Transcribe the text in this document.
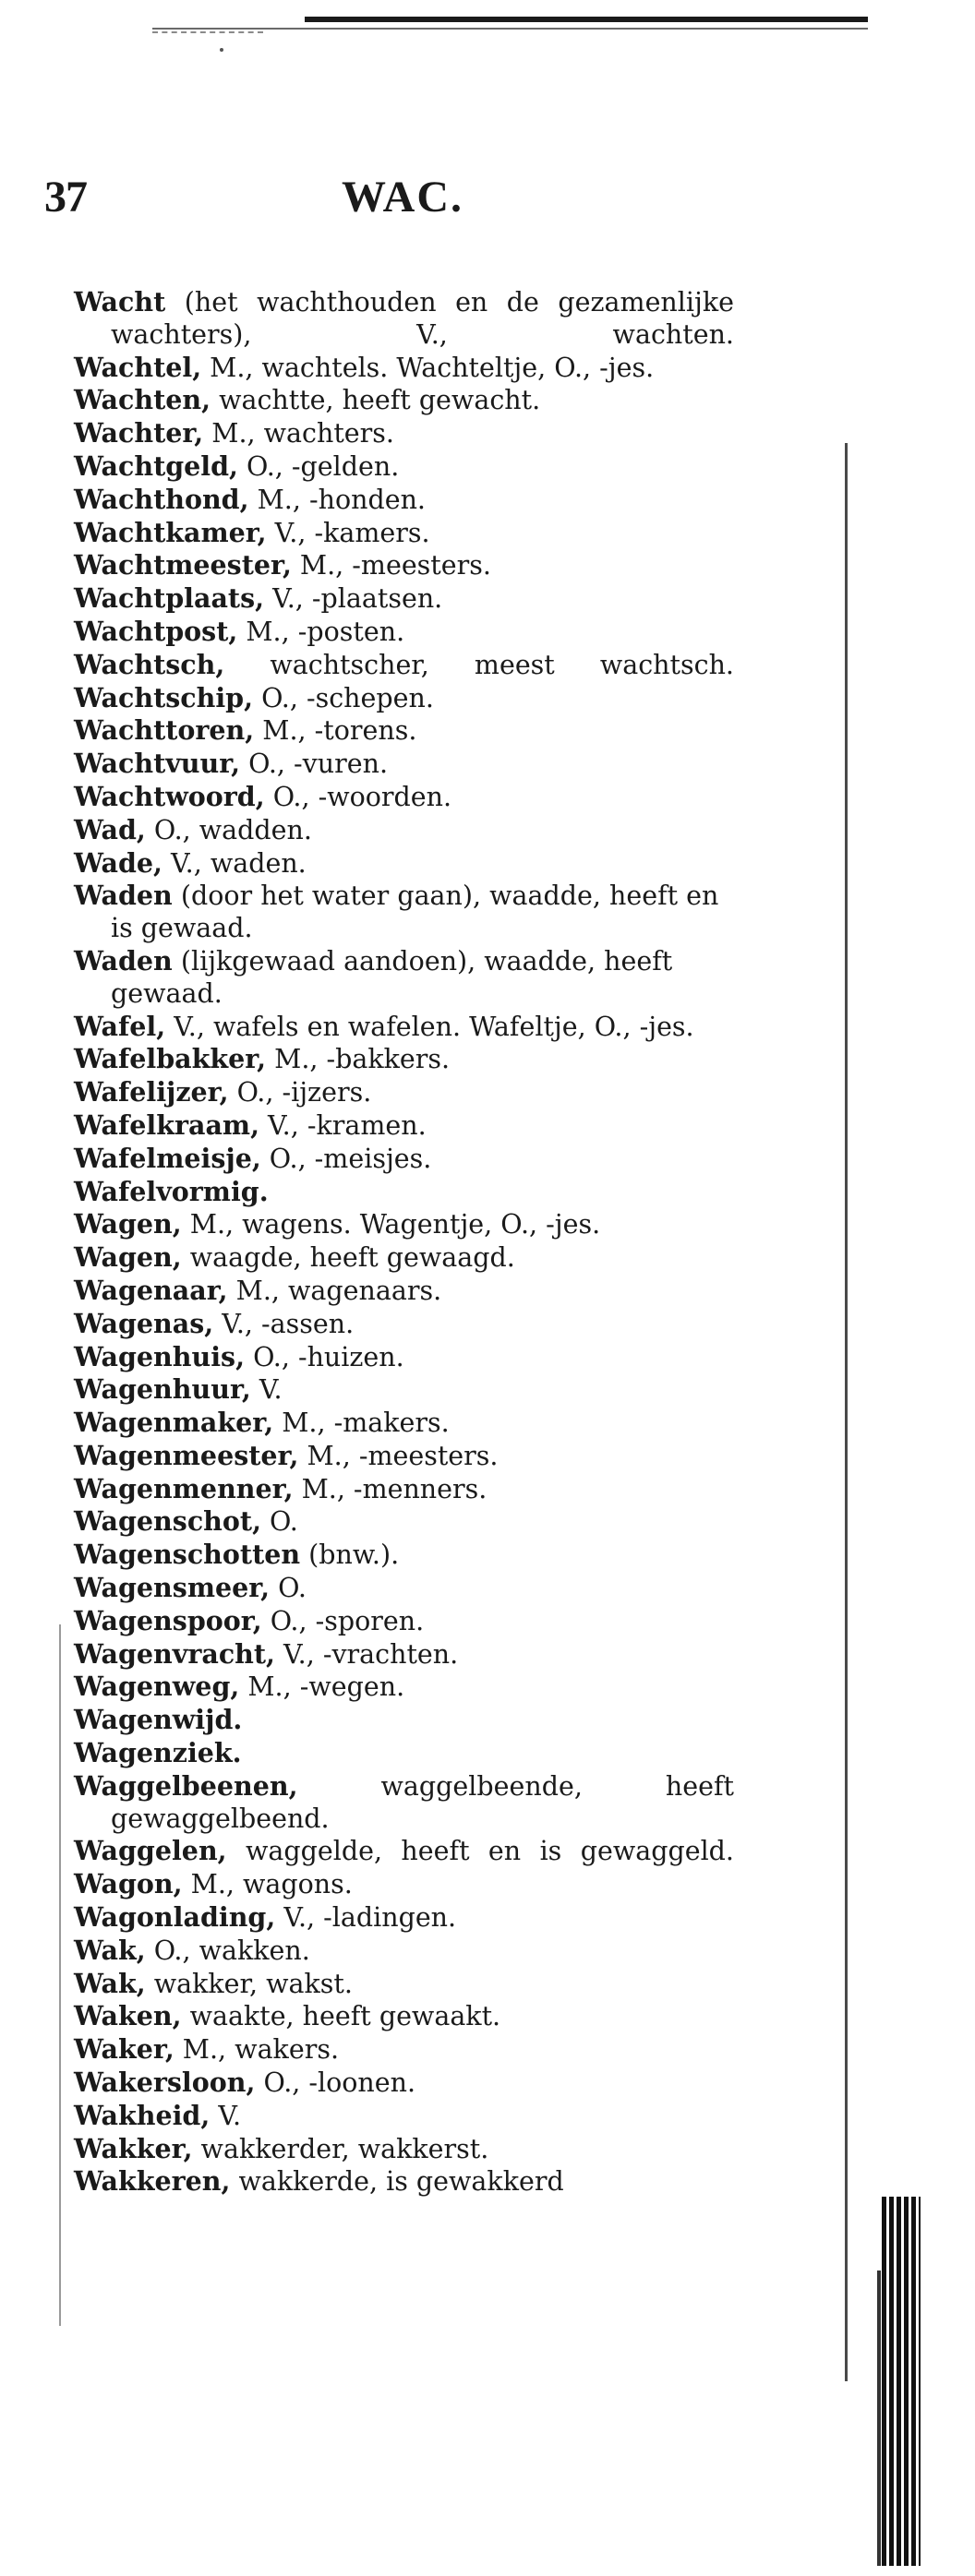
37	WAC.

Wacht (het wachthouden en de gezamenlijke wachters), V., wachten.

Wachtel, M., wachtels. Wachteltje, O., -jes.

Wachten, wachtte, heeft gewacht.

Wachter, M., wachters.

Wachtgeld, O., -gelden.

Wachthond, M., -honden.

Wachtkamer, V., -kamers.

Wachtmeester, M., -meesters.

Wachtplaats, V., -plaatsen.

Wachtpost, M., -posten.

Wachtsch, wachtscher, meest wachtsch.

Wachtschip, O., -schepen.

Wachttoren, M., -torens.

Wachtvuur, O., -vuren.

Wachtwoord, O., -woorden.

Wad, O., wadden.

Wade, V., waden.

Waden (door het water gaan), waadde, heeft en is gewaad.

Waden (lijkgewaad aandoen), waadde, heeft gewaad.

Wafel, V., wafels en wafelen. Wafeltje, O., -jes.

Wafelbakker, M., -bakkers.

Wafelijzer, O., -ijzers.

Wafelkraam, V., -kramen.

Wafelmeisje, O., -meisjes.

Wafelvormig.

Wagen, M., wagens. Wagentje, O., -jes.

Wagen, waagde, heeft gewaagd.

Wagenaar, M., wagenaars.

Wagenas, V., -assen.

Wagenhuis, O., -huizen.

Wagenhuur, V.

Wagenmaker, M., -makers.

Wagenmeester, M., -meesters.

Wagenmenner, M., -menners.

Wagenschot, O.

Wagenschotten (bnw.).

Wagensmeer, O.

Wagenspoor, O., -sporen.

Wagenvracht, V., -vrachten.

Wagenweg, M., -wegen.

Wagenwijd.

Wagenziek.

Waggelbeenen, waggelbeende, heeft gewaggelbeend.

Waggelen, waggelde, heeft en is gewaggeld.

Wagon, M., wagons.

Wagonlading, V., -ladingen.

Wak, O., wakken.

Wak, wakker, wakst.

Waken, waakte, heeft gewaakt.

Waker, M., wakers.

Wakersloon, O., -loonen.

Wakheid, V.

Wakker, wakkerder, wakkerst.

Wakkeren, wakkerde, is gewakkerd
